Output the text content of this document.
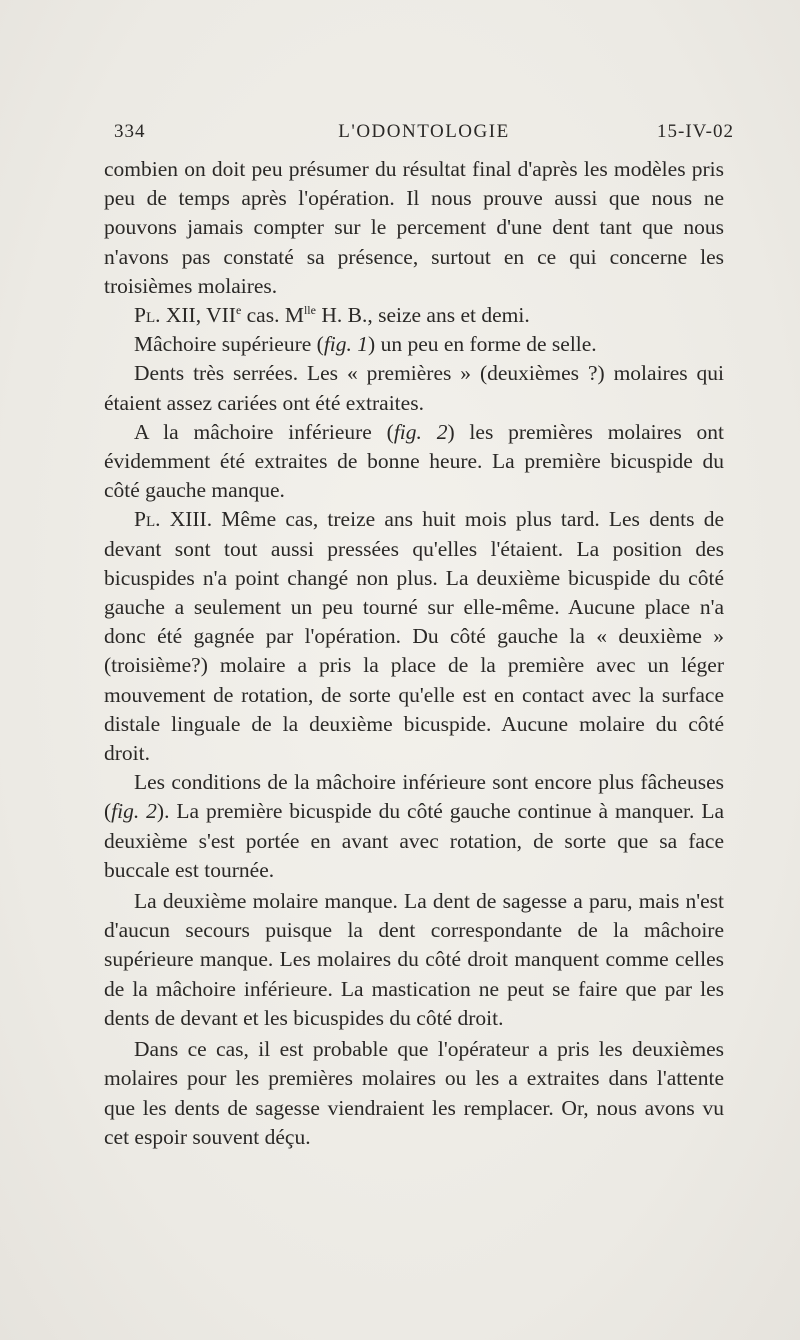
334	L'ODONTOLOGIE	15-IV-02

combien on doit peu présumer du résultat final d'après les modèles pris peu de temps après l'opération. Il nous prouve aussi que nous ne pouvons jamais compter sur le percement d'une dent tant que nous n'avons pas constaté sa présence, surtout en ce qui concerne les troisièmes molaires.

Pl. XII, VIIe cas. $M^{lle}$ H. B., seize ans et demi.

Mâchoire supérieure (fig. 1) un peu en forme de selle.

Dents très serrées. Les « premières » (deuxièmes ?) molaires qui étaient assez cariées ont été extraites.

A la mâchoire inférieure (fig. 2) les premières molaires ont évidemment été extraites de bonne heure. La première bicuspide du côté gauche manque.

Pl. XIII. Même cas, treize ans huit mois plus tard. Les dents de devant sont tout aussi pressées qu'elles l'étaient. La position des bicuspides n'a point changé non plus. La deuxième bicuspide du côté gauche a seulement un peu tourné sur elle-même. Aucune place n'a donc été gagnée par l'opération. Du côté gauche la « deuxième » (troisième?) molaire a pris la place de la première avec un léger mouvement de rotation, de sorte qu'elle est en contact avec la surface distale linguale de la deuxième bicuspide. Aucune molaire du côté droit.

Les conditions de la mâchoire inférieure sont encore plus fâcheuses (fig. 2). La première bicuspide du côté gauche continue à manquer. La deuxième s'est portée en avant avec rotation, de sorte que sa face buccale est tournée.

La deuxième molaire manque. La dent de sagesse a paru, mais n'est d'aucun secours puisque la dent correspondante de la mâchoire supérieure manque. Les molaires du côté droit manquent comme celles de la mâchoire inférieure. La mastication ne peut se faire que par les dents de devant et les bicuspides du côté droit.

Dans ce cas, il est probable que l'opérateur a pris les deuxièmes molaires pour les premières molaires ou les a extraites dans l'attente que les dents de sagesse viendraient les remplacer. Or, nous avons vu cet espoir souvent déçu.
